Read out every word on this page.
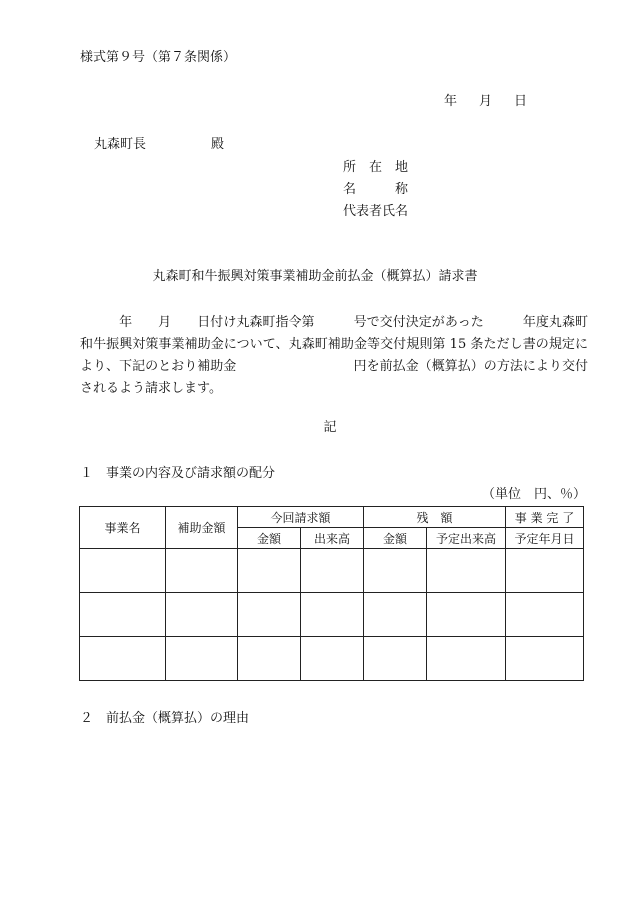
様式第９号（第７条関係）
年 月 日
丸森町長	殿
所　在　地
名　　　称
代表者氏名
丸森町和牛振興対策事業補助金前払金（概算払）請求書
　　　年　　月　　日付け丸森町指令第　　　号で交付決定があった　　　年度丸森町和牛振興対策事業補助金について、丸森町補助金等交付規則第 15 条ただし書の規定により、下記のとおり補助金　　　　　　　　　円を前払金（概算払）の方法により交付されるよう請求します。
記
１　事業の内容及び請求額の配分
（単位　円、％）
事業名	補助金額	今回請求額		残　額		事 業 完 了
		金額	出来高	金額	予定出来高	予定年月日

２　前払金（概算払）の理由
